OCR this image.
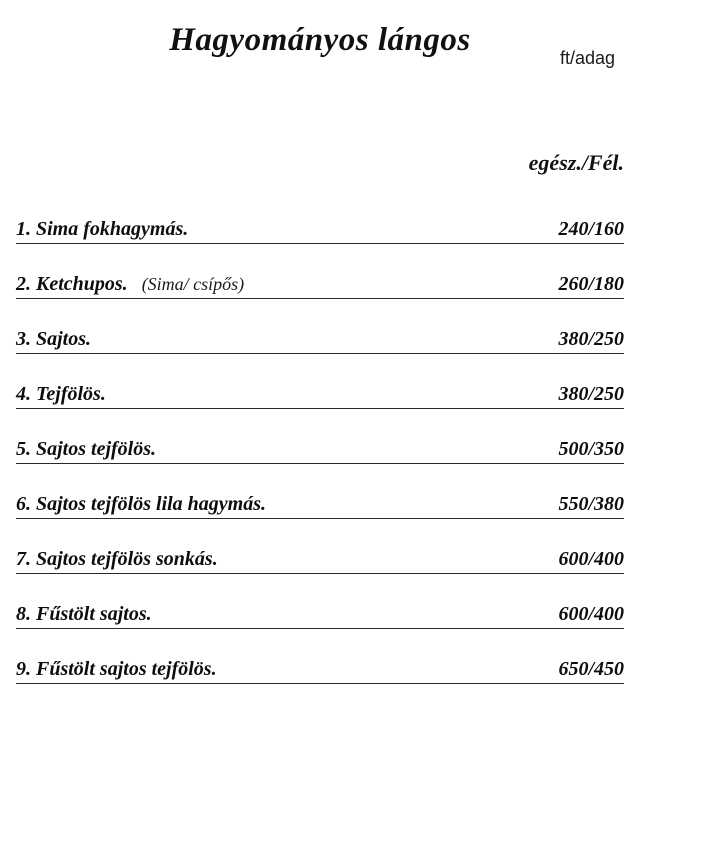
Hagyományos lángos	ft/adag
egész./Fél.
1. Sima fokhagymás.	240/160
2. Ketchupos. (Sima/ csípős)	260/180
3. Sajtos.	380/250
4. Tejfölös.	380/250
5. Sajtos tejfölös.	500/350
6. Sajtos tejfölös lila hagymás.	550/380
7. Sajtos tejfölös sonkás.	600/400
8. Fűstölt sajtos.	600/400
9. Fűstölt sajtos tejfölös.	650/450
